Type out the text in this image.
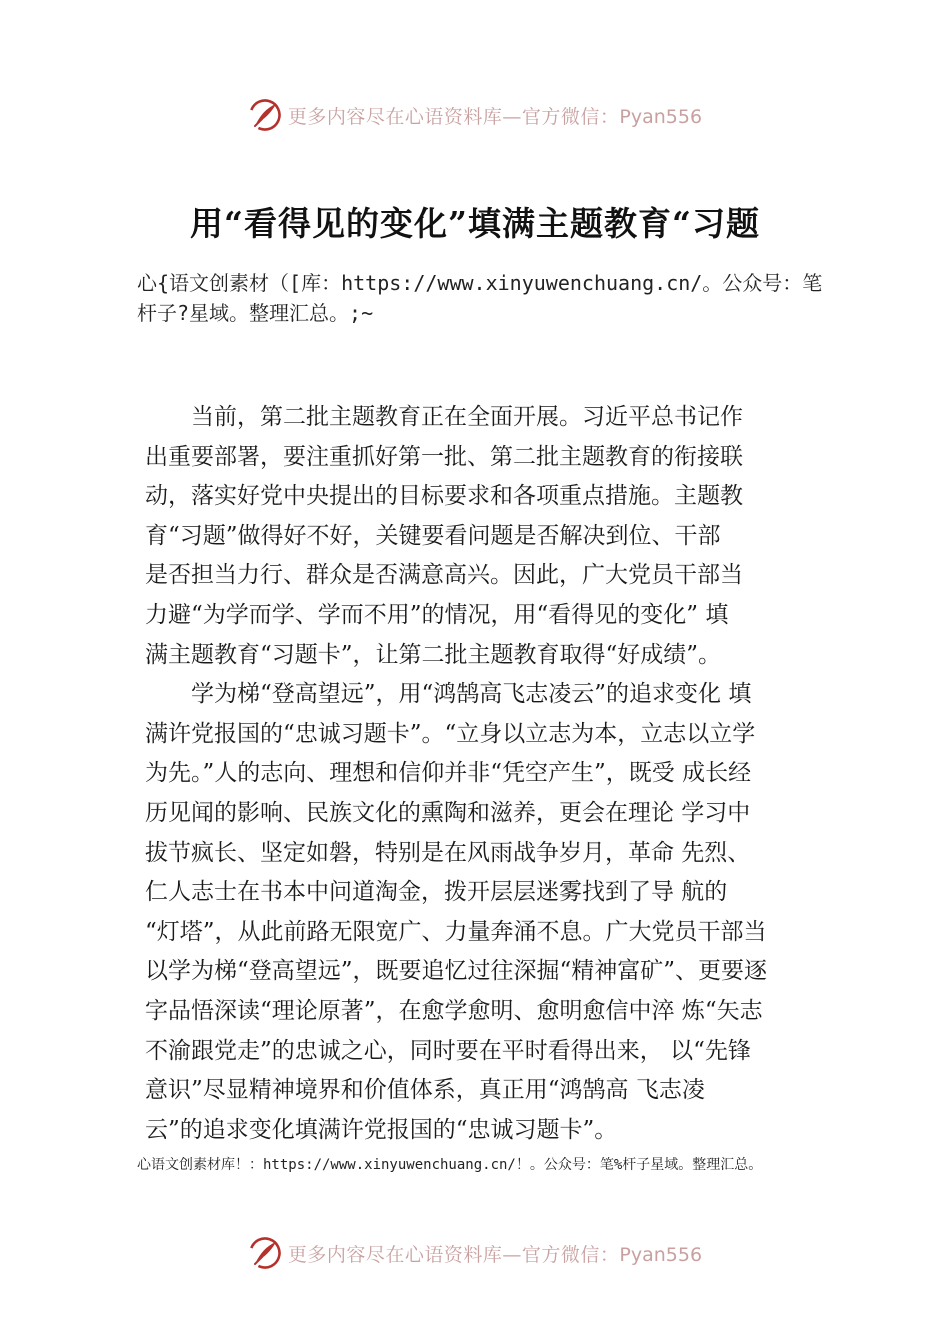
更多内容尽在心语资料库—官方微信：Pyan556
用“看得见的变化”填满主题教育“习题

心{语文创素材（[库：https://www.xinyuwenchuang.cn/。公众号：笔杆子?星域。整理汇总。;~

当前，第二批主题教育正在全面开展。习近平总书记作
出重要部署，要注重抓好第一批、第二批主题教育的衔接联
动，落实好党中央提出的目标要求和各项重点措施。主题教
育“习题”做得好不好，关键要看问题是否解决到位、干部
是否担当力行、群众是否满意高兴。因此，广大党员干部当
力避“为学而学、学而不用”的情况，用“看得见的变化” 填
满主题教育“习题卡”，让第二批主题教育取得“好成绩”。
学为梯“登高望远”，用“鸿鹄高飞志凌云”的追求变化 填
满许党报国的“忠诚习题卡”。“立身以立志为本，立志以立学
为先。”人的志向、理想和信仰并非“凭空产生”，既受 成长经
历见闻的影响、民族文化的熏陶和滋养，更会在理论 学习中
拔节疯长、坚定如磐，特别是在风雨战争岁月，革命 先烈、
仁人志士在书本中问道淘金，拨开层层迷雾找到了导 航的
“灯塔”，从此前路无限宽广、力量奔涌不息。广大党员干部当
以学为梯“登高望远”，既要追忆过往深掘“精神富矿”、更要逐
字品悟深读“理论原著”，在愈学愈明、愈明愈信中淬 炼“矢志
不渝跟党走”的忠诚之心，同时要在平时看得出来， 以“先锋
意识”尽显精神境界和价值体系，真正用“鸿鹄高 飞志凌
云”的追求变化填满许党报国的“忠诚习题卡”。

心语文创素材库！：https://www.xinyuwenchuang.cn/！。公众号：笔%杆子星域。整理汇总。

更多内容尽在心语资料库—官方微信：Pyan556
